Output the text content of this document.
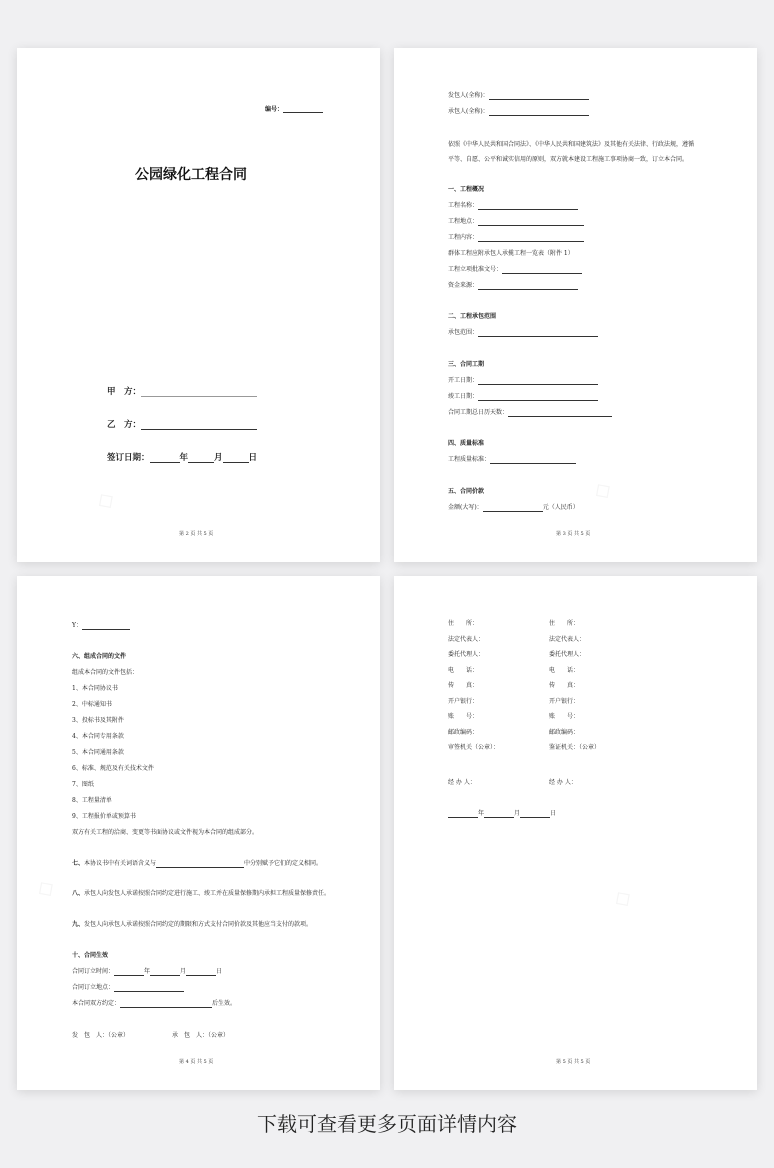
编号：
公园绿化工程合同
甲　方：
乙　方：
签订日期：	年	月	日
◇
第 2 页 共 5 页
发包人(全称)：
承包人(全称)：
依照《中华人民共和国合同法》、《中华人民共和国建筑法》及其他有关法律、行政法规，遵循
平等、自愿、公平和诚实信用的原则，双方就本建设工程施工事项协商一致，订立本合同。
一、工程概况
工程名称：
工程地点：
工程内容：
群体工程应附承包人承揽工程一览表（附件 1）
工程立项批准文号：
资金来源：
二、工程承包范围
承包范围：
三、合同工期
开工日期：
竣工日期：
合同工期总日历天数：
四、质量标准
工程质量标准：
五、合同价款
金额(大写)：	元（人民币）
◇
第 3 页 共 5 页
Y：
六、组成合同的文件
组成本合同的文件包括：
1、本合同协议书
2、中标通知书
3、投标书及其附件
4、本合同专用条款
5、本合同通用条款
6、标准、规范及有关技术文件
7、图纸
8、工程量清单
9、工程报价单或预算书
双方有关工程的洽商、变更等书面协议或文件视为本合同的组成部分。
七、本协议书中有关词语含义与	中分别赋予它们的定义相同。
八、承包人向发包人承诺按照合同约定进行施工、竣工并在质量保修期内承担工程质量保修责任。
九、发包人向承包人承诺按照合同约定的期限和方式支付合同价款及其他应当支付的款项。
十、合同生效
合同订立时间：	年	月	日
合同订立地点：
本合同双方约定：	后生效。
发　包　人：（公章）	承　包　人：（公章）
◇
第 4 页 共 5 页
住　　所：	住　　所：
法定代表人：	法定代表人：
委托代理人：	委托代理人：
电　　话：	电　　话：
传　　真：	传　　真：
开户银行：	开户银行：
账　　号：	账　　号：
邮政编码：	邮政编码：
审签机关（公章）：	鉴证机关：（公章）
经 办 人：	经 办 人：
年	月	日
◇
第 5 页 共 5 页
下载可查看更多页面详情内容
